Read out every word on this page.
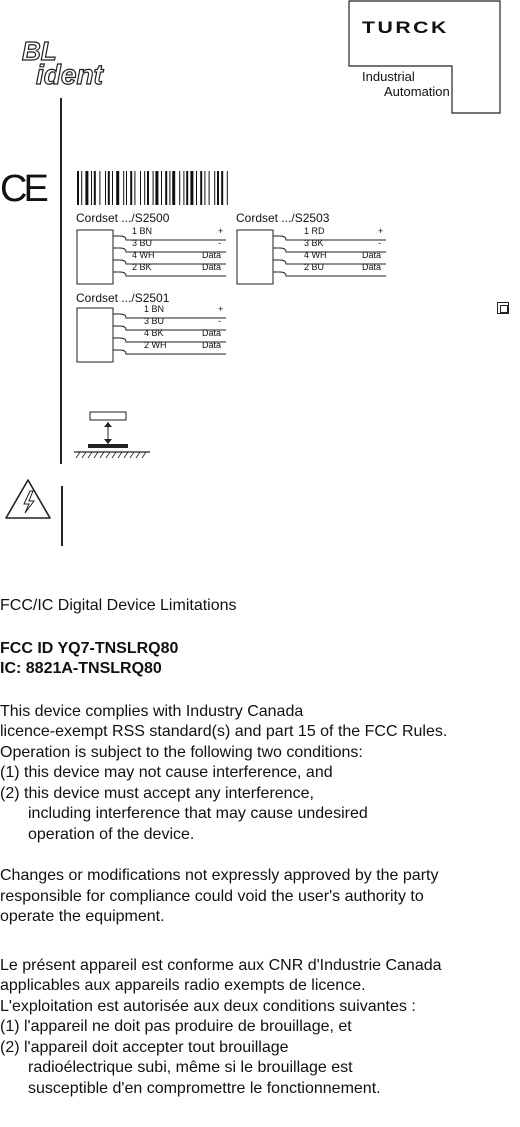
BL
ident
TURCK
Industrial
Automation
CE
Cordset .../S2500
1 BN	+
3 BU	-
4 WH	Data
2 BK	Data
Cordset .../S2503
1 RD	+
3 BK	-
4 WH	Data
2 BU	Data
Cordset .../S2501
1 BN	+
3 BU	-
4 BK	Data
2 WH	Data

FCC/IC Digital Device Limitations

FCC ID YQ7-TNSLRQ80

IC: 8821A-TNSLRQ80

This device complies with Industry Canada

licence-exempt RSS standard(s) and part 15 of the FCC Rules.

Operation is subject to the following two conditions:

(1) this device may not cause interference, and

(2) this device must accept any interference,

including interference that may cause undesired

operation of the device.

Changes or modifications not expressly approved by the party

responsible for compliance could void the user's authority to

operate the equipment.

Le présent appareil est conforme aux CNR d'Industrie Canada

applicables aux appareils radio exempts de licence.

L'exploitation est autorisée aux deux conditions suivantes :

(1) l'appareil ne doit pas produire de brouillage, et

(2) l'appareil doit accepter tout brouillage

radioélectrique subi, même si le brouillage est

susceptible d'en compromettre le fonctionnement.
